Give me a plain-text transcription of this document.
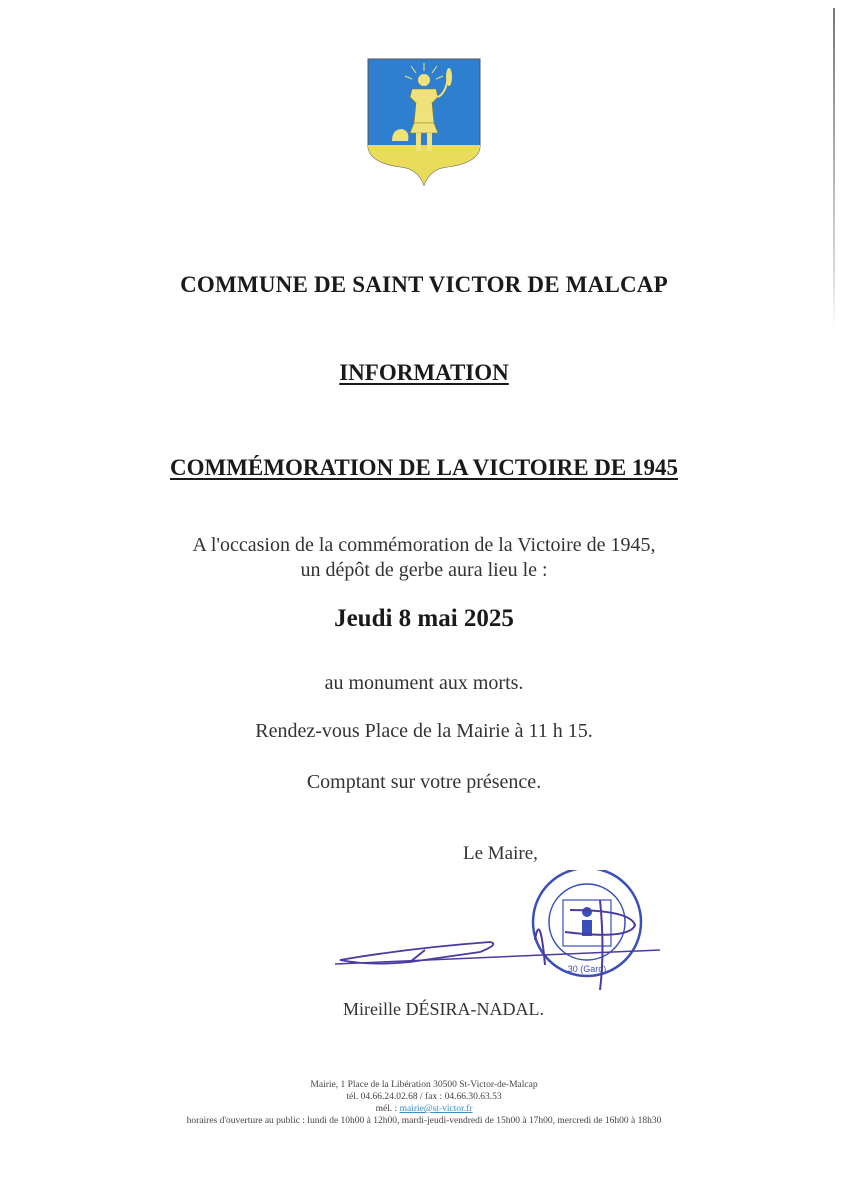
COMMUNE DE SAINT VICTOR DE MALCAP
INFORMATION
COMMÉMORATION DE LA VICTOIRE DE 1945
A l'occasion de la commémoration de la Victoire de 1945,
un dépôt de gerbe aura lieu le :
Jeudi 8 mai 2025
au monument aux morts.
Rendez-vous Place de la Mairie à 11 h 15.
Comptant sur votre présence.
Le Maire,
30 (Gard)
Mireille DÉSIRA-NADAL.
Mairie, 1 Place de la Libération 30500 St-Victor-de-Malcap
tél. 04.66.24.02.68 / fax : 04.66.30.63.53
mél. : mairie@st-victor.fr
horaires d'ouverture au public : lundi de 10h00 à 12h00, mardi-jeudi-vendredi de 15h00 à 17h00, mercredi de 16h00 à 18h30
